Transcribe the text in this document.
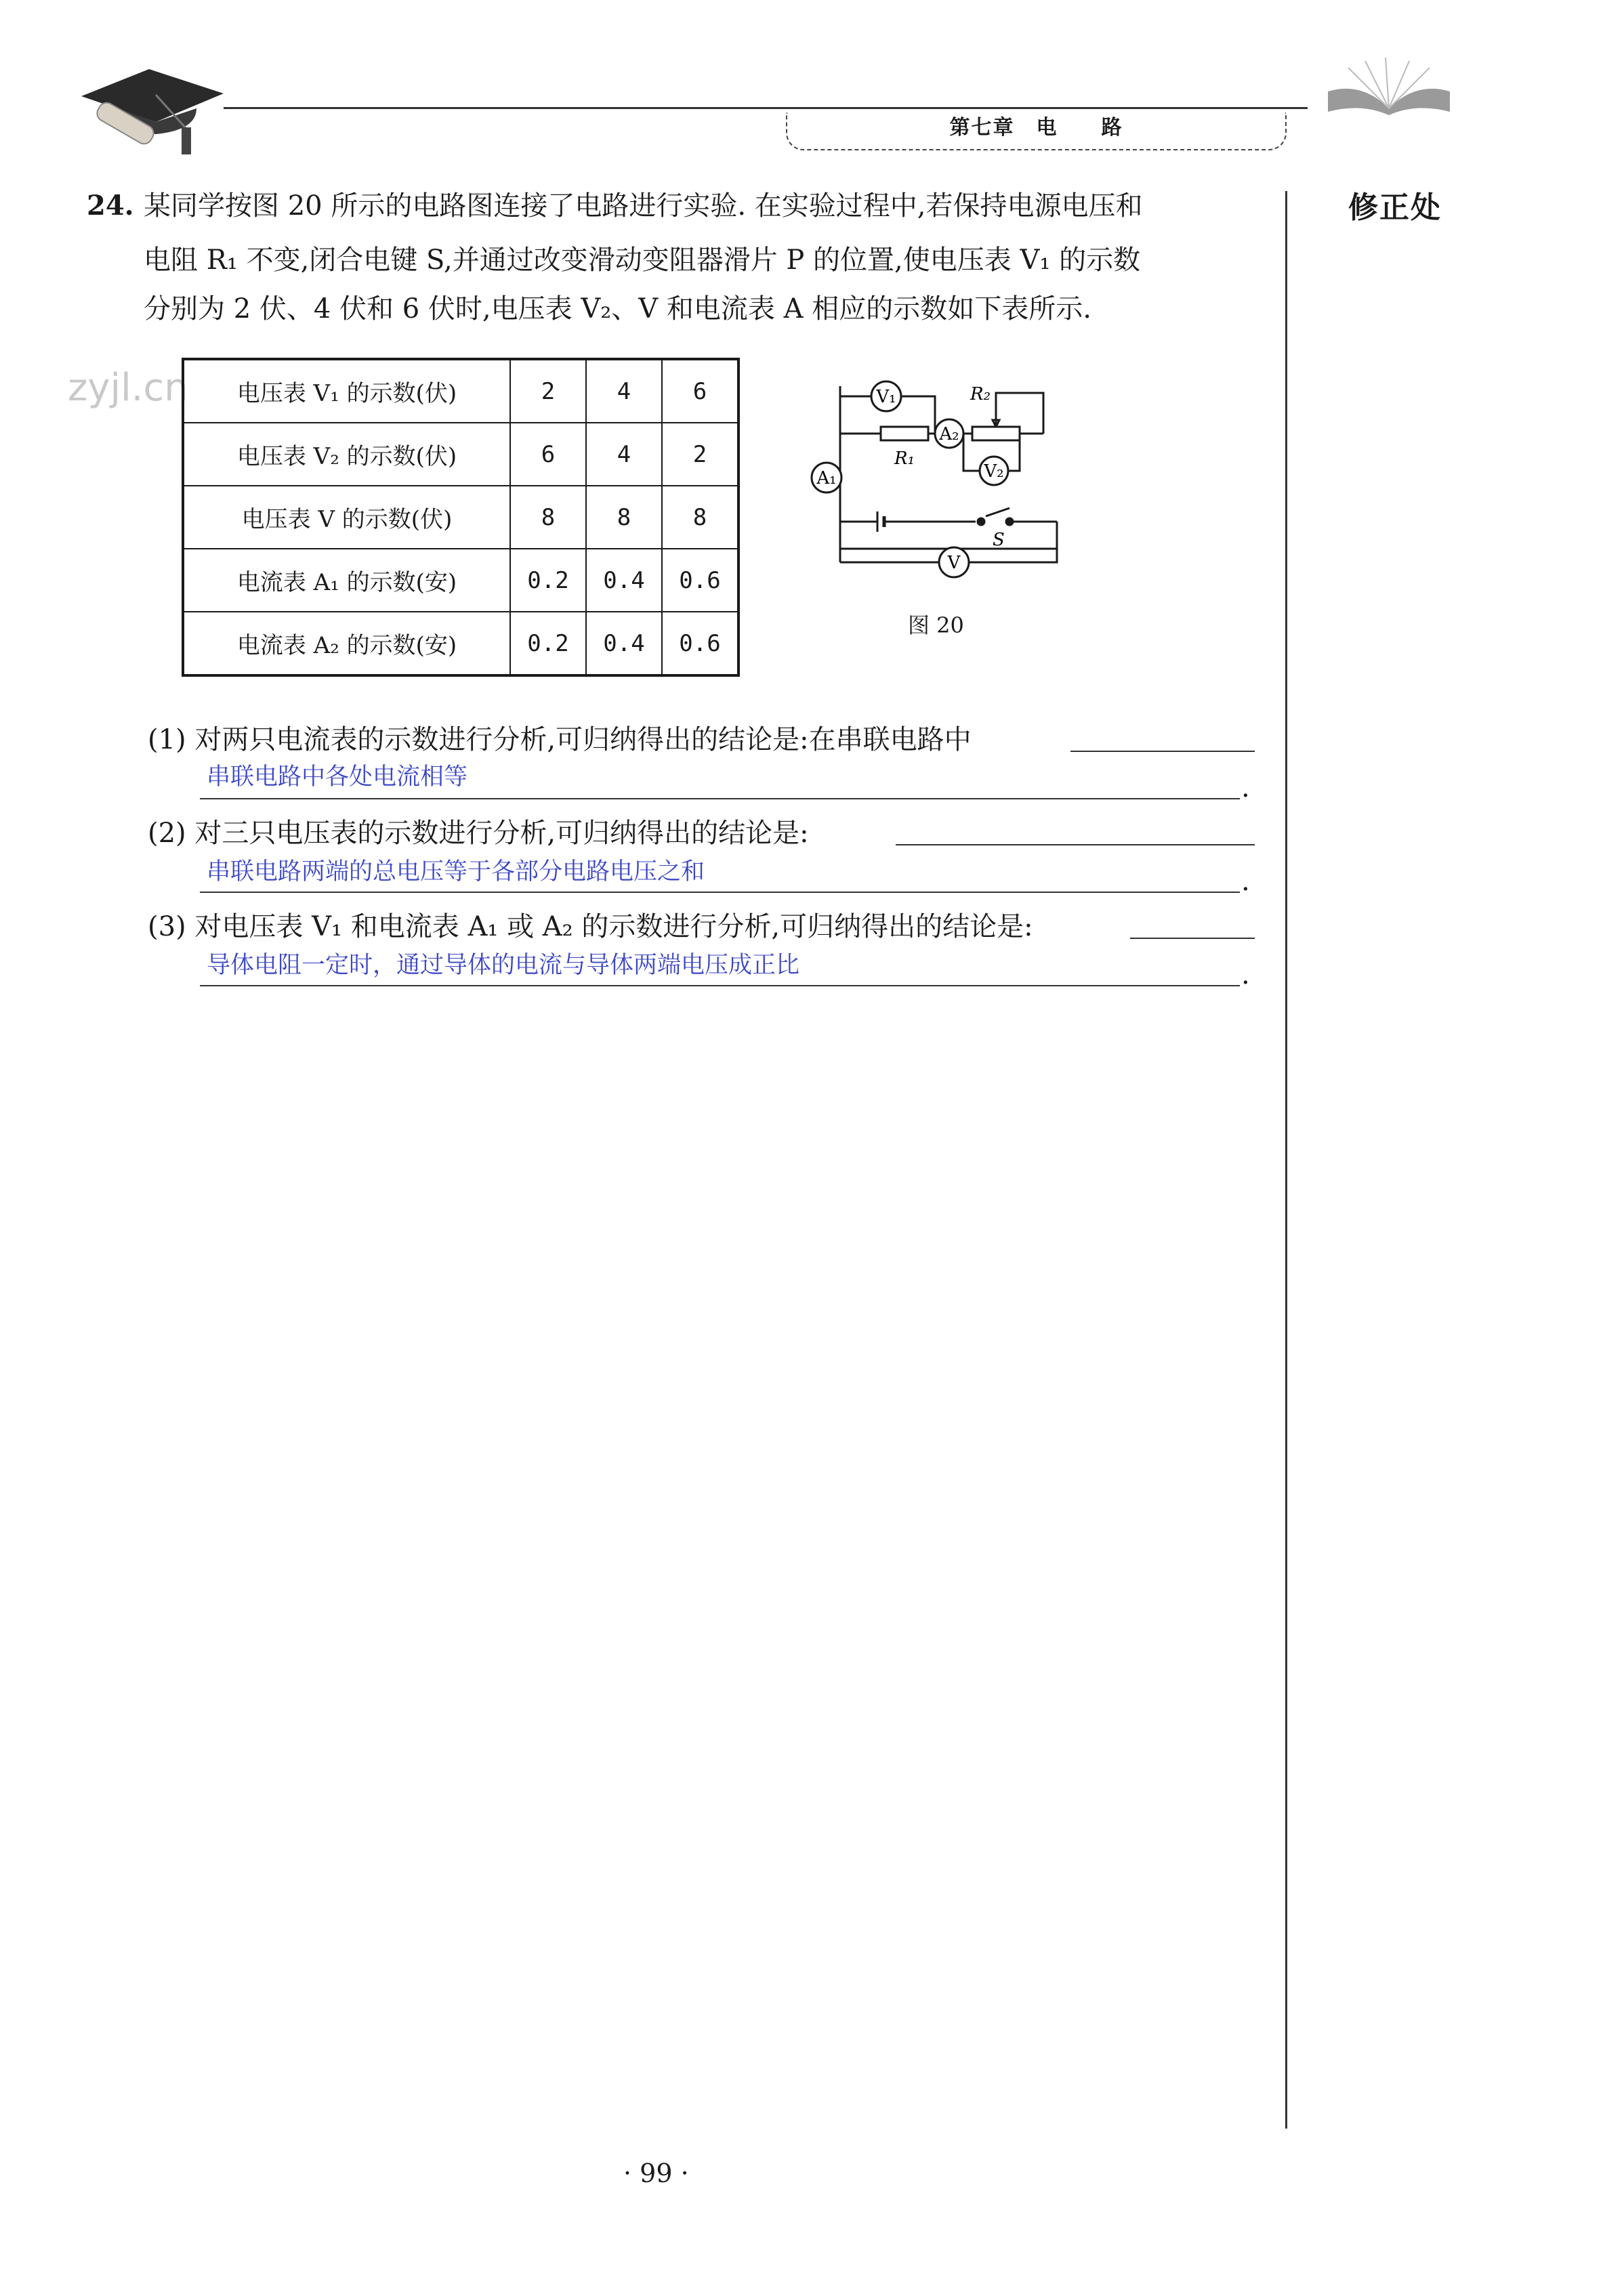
第七章　电　　路
修正处
zyjl.cn
24. 某同学按图 20 所示的电路图连接了电路进行实验. 在实验过程中,若保持电源电压和
电阻 R₁ 不变,闭合电键 S,并通过改变滑动变阻器滑片 P 的位置,使电压表 V₁ 的示数
分别为 2 伏、4 伏和 6 伏时,电压表 V₂、V 和电流表 A 相应的示数如下表所示.
电压表 V₁ 的示数(伏)	2	4	6
电压表 V₂ 的示数(伏)	6	4	2
电压表 V 的示数(伏)	8	8	8
电流表 A₁ 的示数(安)	0.2	0.4	0.6
电流表 A₂ 的示数(安)	0.2	0.4	0.6
V₁
A₂
V₂
A₁
V
R₁
R₂
S
图 20
(1) 对两只电流表的示数进行分析,可归纳得出的结论是:在串联电路中
串联电路中各处电流相等	.
(2) 对三只电压表的示数进行分析,可归纳得出的结论是:
串联电路两端的总电压等于各部分电路电压之和	.
(3) 对电压表 V₁ 和电流表 A₁ 或 A₂ 的示数进行分析,可归纳得出的结论是:
导体电阻一定时，通过导体的电流与导体两端电压成正比	.
· 99 ·
